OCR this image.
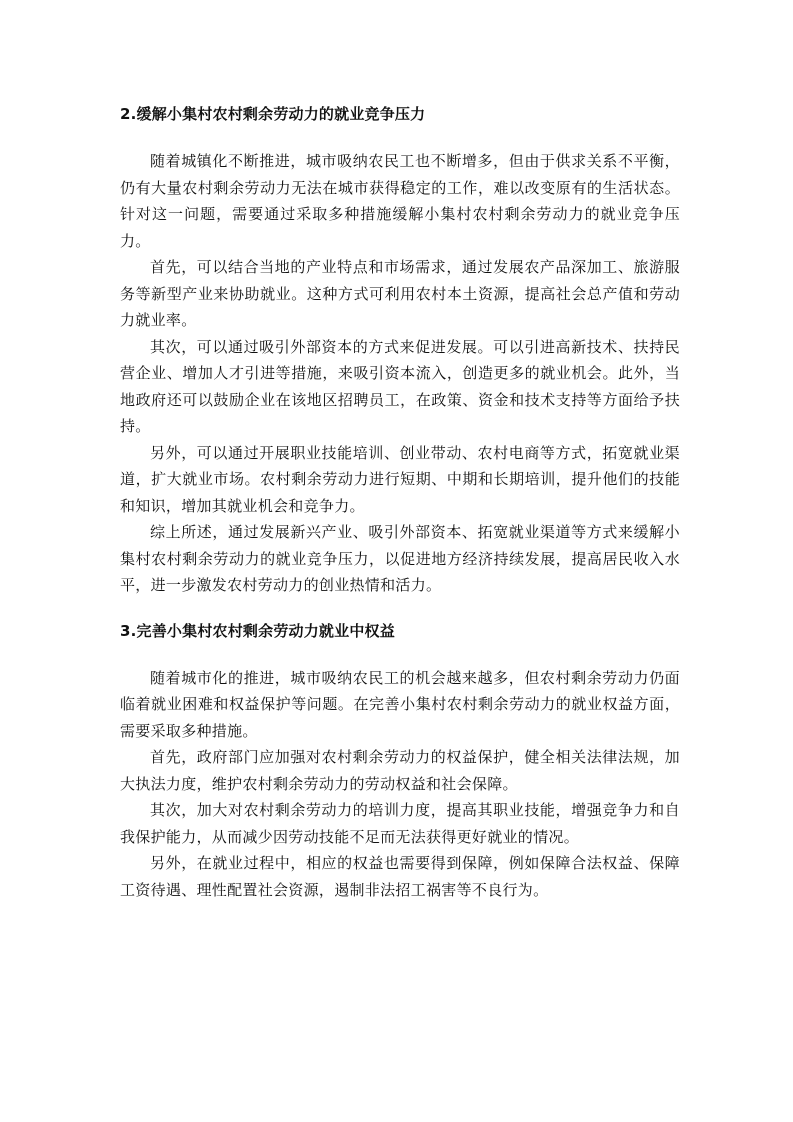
2.缓解小集村农村剩余劳动力的就业竞争压力

随着城镇化不断推进，城市吸纳农民工也不断增多，但由于供求关系不平衡，仍有大量农村剩余劳动力无法在城市获得稳定的工作，难以改变原有的生活状态。针对这一问题，需要通过采取多种措施缓解小集村农村剩余劳动力的就业竞争压力。

首先，可以结合当地的产业特点和市场需求，通过发展农产品深加工、旅游服务等新型产业来协助就业。这种方式可利用农村本土资源，提高社会总产值和劳动力就业率。

其次，可以通过吸引外部资本的方式来促进发展。可以引进高新技术、扶持民营企业、增加人才引进等措施，来吸引资本流入，创造更多的就业机会。此外，当地政府还可以鼓励企业在该地区招聘员工，在政策、资金和技术支持等方面给予扶持。

另外，可以通过开展职业技能培训、创业带动、农村电商等方式，拓宽就业渠道，扩大就业市场。农村剩余劳动力进行短期、中期和长期培训，提升他们的技能和知识，增加其就业机会和竞争力。

综上所述，通过发展新兴产业、吸引外部资本、拓宽就业渠道等方式来缓解小集村农村剩余劳动力的就业竞争压力，以促进地方经济持续发展，提高居民收入水平，进一步激发农村劳动力的创业热情和活力。

3.完善小集村农村剩余劳动力就业中权益

随着城市化的推进，城市吸纳农民工的机会越来越多，但农村剩余劳动力仍面临着就业困难和权益保护等问题。在完善小集村农村剩余劳动力的就业权益方面，需要采取多种措施。

首先，政府部门应加强对农村剩余劳动力的权益保护，健全相关法律法规，加大执法力度，维护农村剩余劳动力的劳动权益和社会保障。

其次，加大对农村剩余劳动力的培训力度，提高其职业技能，增强竞争力和自我保护能力，从而减少因劳动技能不足而无法获得更好就业的情况。

另外，在就业过程中，相应的权益也需要得到保障，例如保障合法权益、保障工资待遇、理性配置社会资源，遏制非法招工祸害等不良行为。
